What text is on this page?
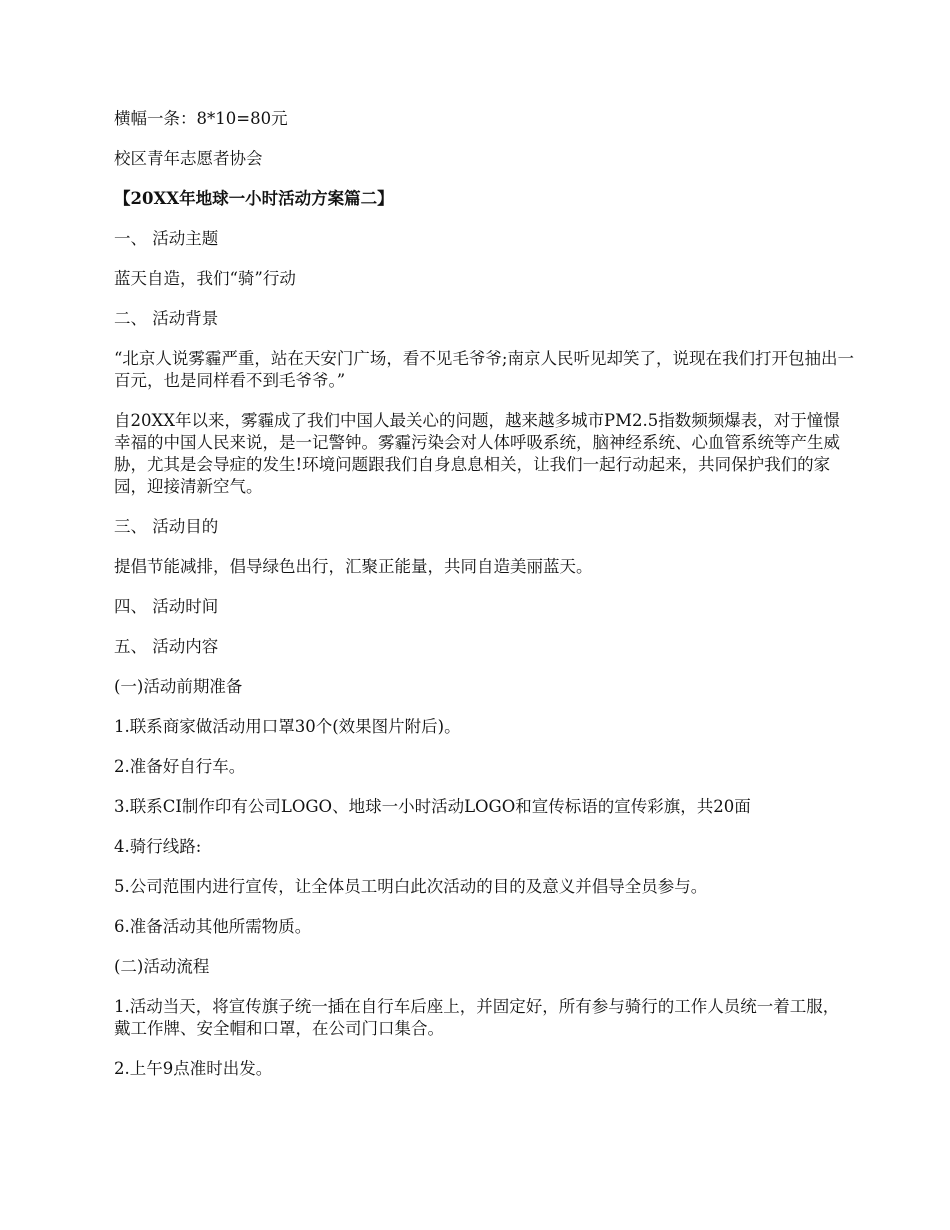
横幅一条：8*10=80元

校区青年志愿者协会

【20XX年地球一小时活动方案篇二】

一、 活动主题

蓝天自造，我们“骑”行动

二、 活动背景

“北京人说雾霾严重，站在天安门广场，看不见毛爷爷;南京人民听见却笑了，说现在我们打开包抽出一百元，也是同样看不到毛爷爷。”

自20XX年以来，雾霾成了我们中国人最关心的问题，越来越多城市PM2.5指数频频爆表，对于憧憬幸福的中国人民来说，是一记警钟。雾霾污染会对人体呼吸系统，脑神经系统、心血管系统等产生威胁，尤其是会导症的发生!环境问题跟我们自身息息相关，让我们一起行动起来，共同保护我们的家园，迎接清新空气。

三、 活动目的

提倡节能减排，倡导绿色出行，汇聚正能量，共同自造美丽蓝天。

四、 活动时间

五、 活动内容

(一)活动前期准备

1.联系商家做活动用口罩30个(效果图片附后)。

2.准备好自行车。

3.联系CI制作印有公司LOGO、地球一小时活动LOGO和宣传标语的宣传彩旗，共20面

4.骑行线路:

5.公司范围内进行宣传，让全体员工明白此次活动的目的及意义并倡导全员参与。

6.准备活动其他所需物质。

(二)活动流程

1.活动当天，将宣传旗子统一插在自行车后座上，并固定好，所有参与骑行的工作人员统一着工服，戴工作牌、安全帽和口罩，在公司门口集合。

2.上午9点准时出发。
